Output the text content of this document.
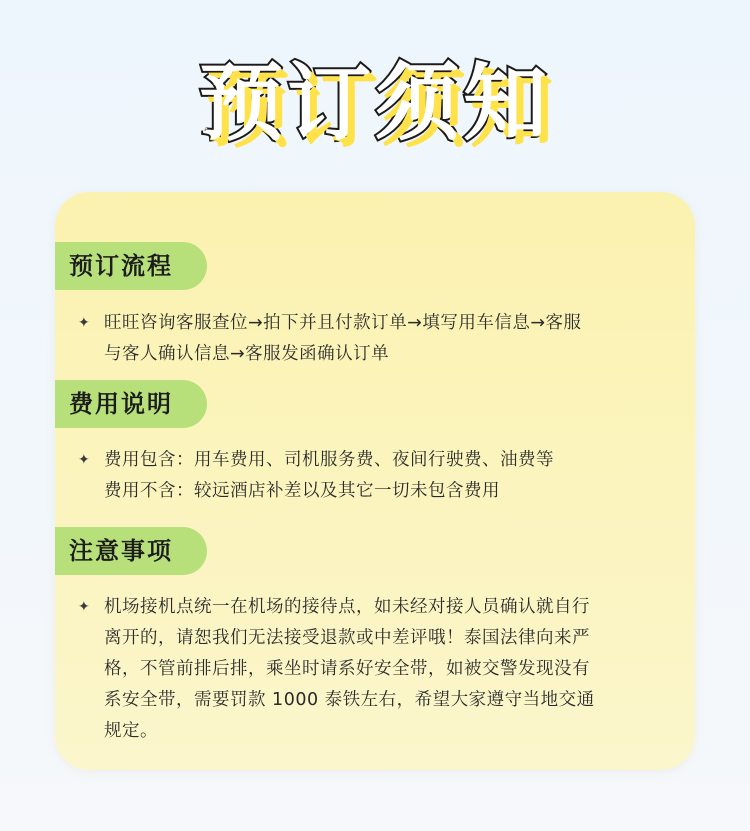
预订须知
预订流程
✦ 旺旺咨询客服查位→拍下并且付款订单→填写用车信息→客服
与客人确认信息→客服发函确认订单
费用说明
✦ 费用包含：用车费用、司机服务费、夜间行驶费、油费等
费用不含：较远酒店补差以及其它一切未包含费用
注意事项
✦ 机场接机点统一在机场的接待点，如未经对接人员确认就自行
离开的，请恕我们无法接受退款或中差评哦！泰国法律向来严
格，不管前排后排，乘坐时请系好安全带，如被交警发现没有
系安全带，需要罚款 1000 泰铁左右，希望大家遵守当地交通
规定。
